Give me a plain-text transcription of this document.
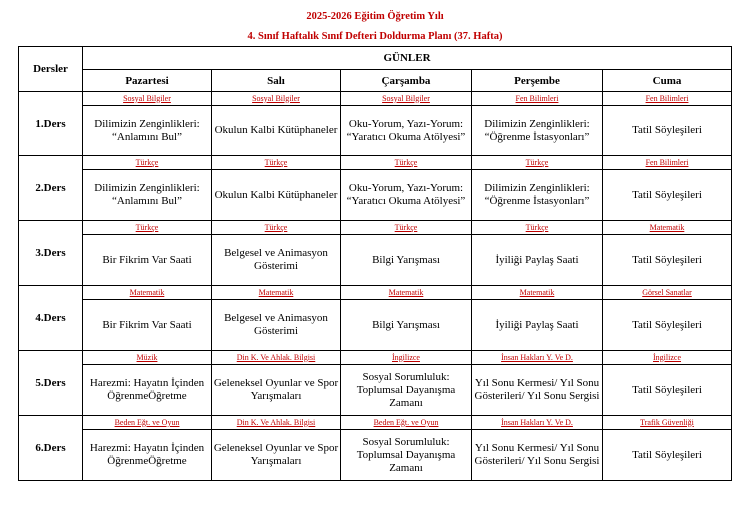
2025-2026 Eğitim Öğretim Yılı
4. Sınıf Haftalık Sınıf Defteri Doldurma Planı (37. Hafta)
Dersler	GÜNLER				
	Pazartesi	Salı	Çarşamba	Perşembe	Cuma
1.Ders	Sosyal Bilgiler	Sosyal Bilgiler	Sosyal Bilgiler	Fen Bilimleri	Fen Bilimleri
	Dilimizin Zenginlikleri: “Anlamını Bul”	Okulun Kalbi Kütüphaneler	Oku-Yorum, Yazı-Yorum: “Yaratıcı Okuma Atölyesi”	Dilimizin Zenginlikleri: “Öğrenme İstasyonları”	Tatil Söyleşileri
2.Ders	Türkçe	Türkçe	Türkçe	Türkçe	Fen Bilimleri
	Dilimizin Zenginlikleri: “Anlamını Bul”	Okulun Kalbi Kütüphaneler	Oku-Yorum, Yazı-Yorum: “Yaratıcı Okuma Atölyesi”	Dilimizin Zenginlikleri: “Öğrenme İstasyonları”	Tatil Söyleşileri
3.Ders	Türkçe	Türkçe	Türkçe	Türkçe	Matematik
	Bir Fikrim Var Saati	Belgesel ve Animasyon Gösterimi	Bilgi Yarışması	İyiliği Paylaş Saati	Tatil Söyleşileri
4.Ders	Matematik	Matematik	Matematik	Matematik	Görsel Sanatlar
	Bir Fikrim Var Saati	Belgesel ve Animasyon Gösterimi	Bilgi Yarışması	İyiliği Paylaş Saati	Tatil Söyleşileri
5.Ders	Müzik	Din K. Ve Ahlak. Bilgisi	İngilizce	İnsan Hakları Y. Ve D.	İngilizce
	Harezmi: Hayatın İçinden ÖğrenmeÖğretme	Geleneksel Oyunlar ve Spor Yarışmaları	Sosyal Sorumluluk: Toplumsal Dayanışma Zamanı	Yıl Sonu Kermesi/ Yıl Sonu Gösterileri/ Yıl Sonu Sergisi	Tatil Söyleşileri
6.Ders	Beden Eğt. ve Oyun	Din K. Ve Ahlak. Bilgisi	Beden Eğt. ve Oyun	İnsan Hakları Y. Ve D.	Trafik Güvenliği
	Harezmi: Hayatın İçinden ÖğrenmeÖğretme	Geleneksel Oyunlar ve Spor Yarışmaları	Sosyal Sorumluluk: Toplumsal Dayanışma Zamanı	Yıl Sonu Kermesi/ Yıl Sonu Gösterileri/ Yıl Sonu Sergisi	Tatil Söyleşileri
